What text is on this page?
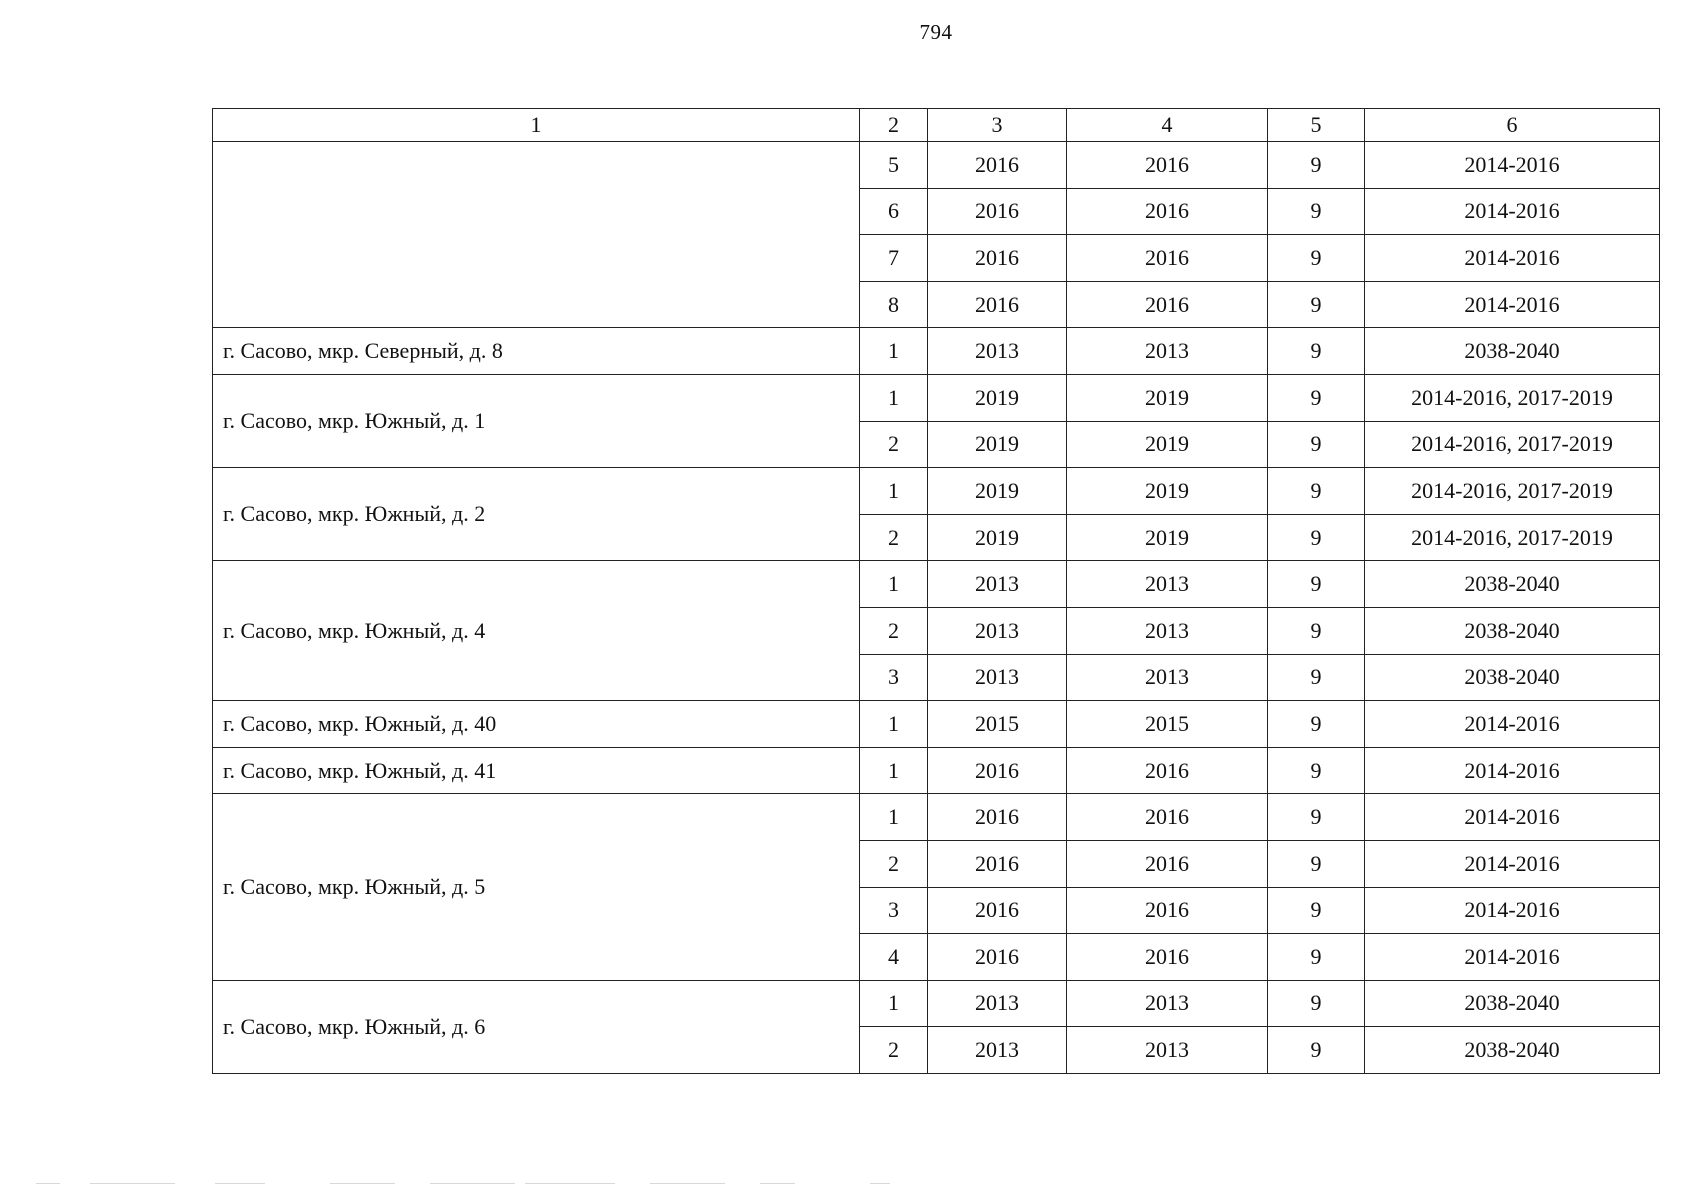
794
1	2	3	4	5	6
	5	2016	2016	9	2014-2016
	6	2016	2016	9	2014-2016
	7	2016	2016	9	2014-2016
	8	2016	2016	9	2014-2016
г. Сасово, мкр. Северный, д. 8	1	2013	2013	9	2038-2040
г. Сасово, мкр. Южный, д. 1	1	2019	2019	9	2014-2016, 2017-2019
	2	2019	2019	9	2014-2016, 2017-2019
г. Сасово, мкр. Южный, д. 2	1	2019	2019	9	2014-2016, 2017-2019
	2	2019	2019	9	2014-2016, 2017-2019
г. Сасово, мкр. Южный, д. 4	1	2013	2013	9	2038-2040
	2	2013	2013	9	2038-2040
	3	2013	2013	9	2038-2040
г. Сасово, мкр. Южный, д. 40	1	2015	2015	9	2014-2016
г. Сасово, мкр. Южный, д. 41	1	2016	2016	9	2014-2016
г. Сасово, мкр. Южный, д. 5	1	2016	2016	9	2014-2016
	2	2016	2016	9	2014-2016
	3	2016	2016	9	2014-2016
	4	2016	2016	9	2014-2016
г. Сасово, мкр. Южный, д. 6	1	2013	2013	9	2038-2040
	2	2013	2013	9	2038-2040
